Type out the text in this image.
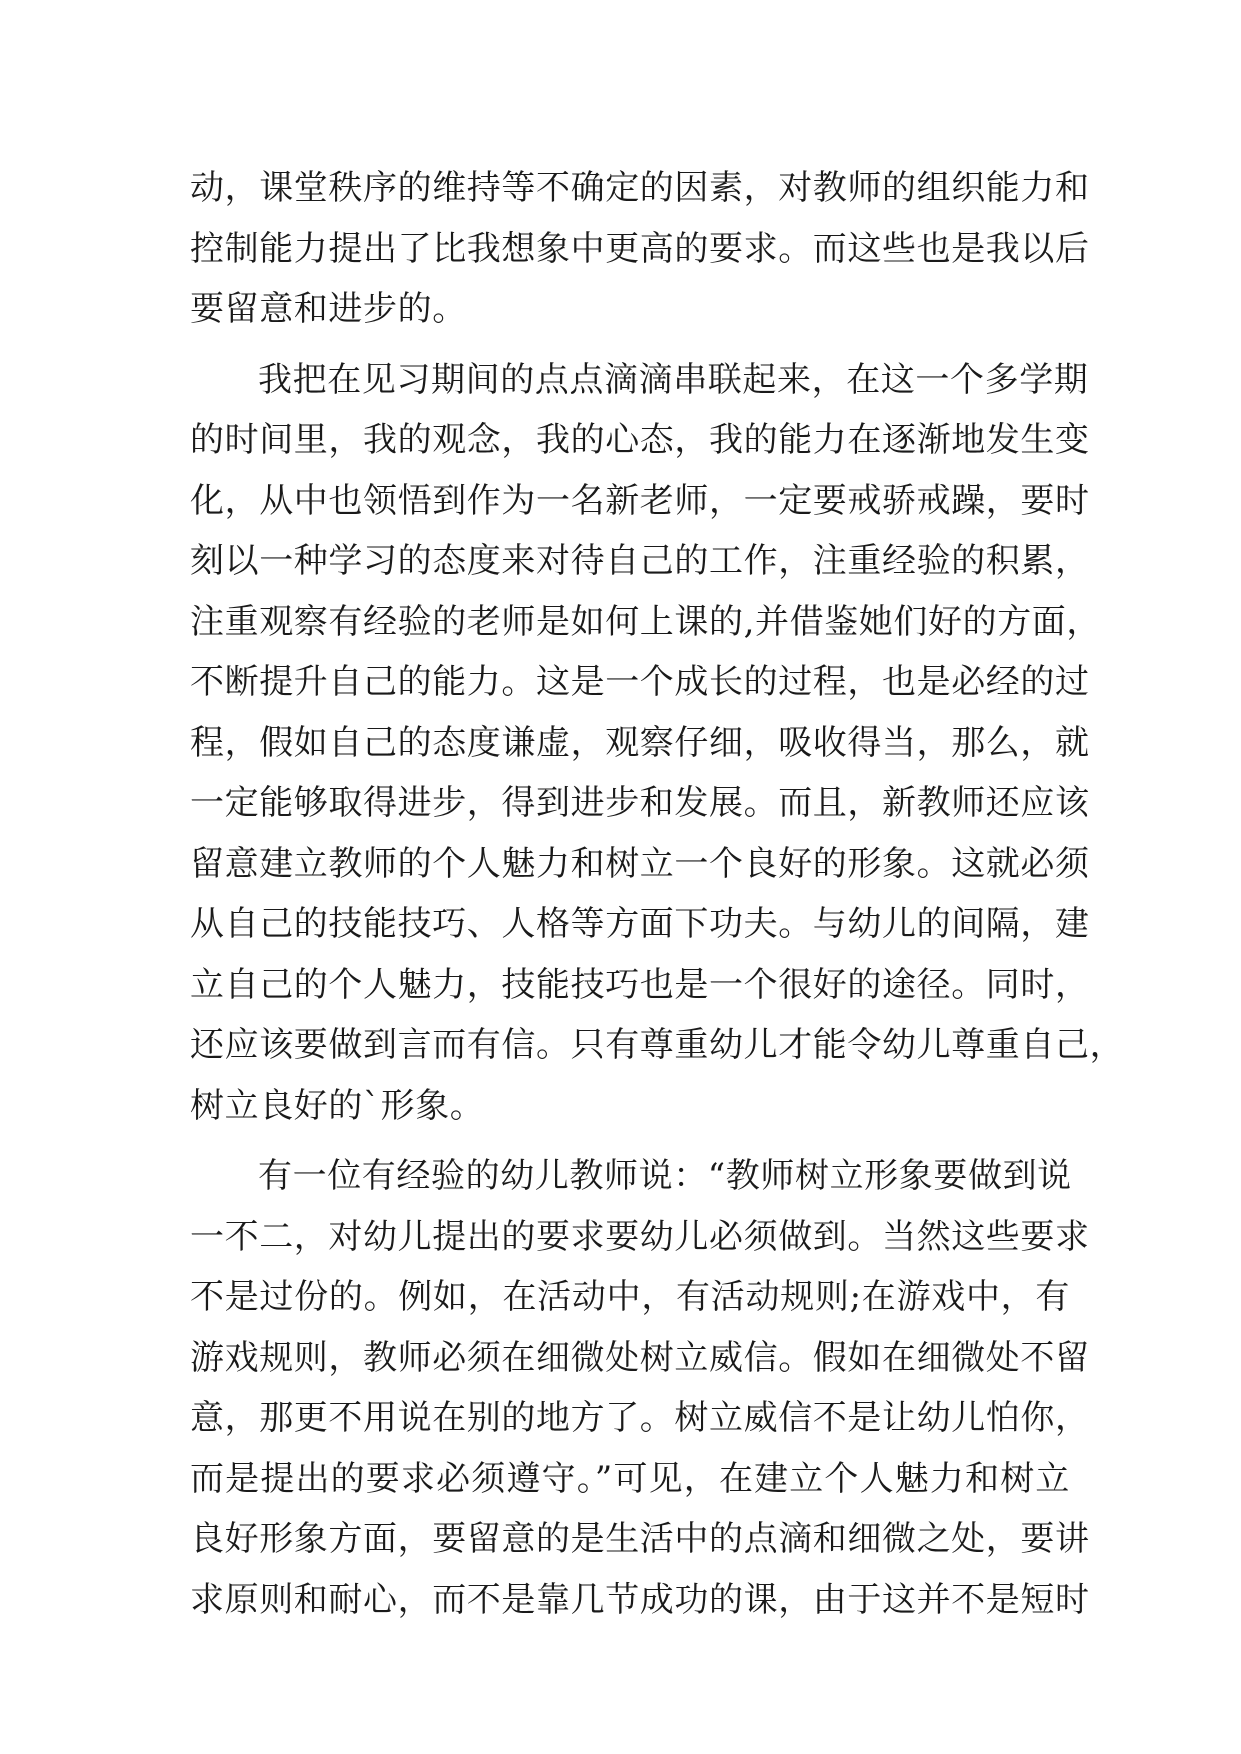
动，课堂秩序的维持等不确定的因素，对教师的组织能力和
控制能力提出了比我想象中更高的要求。而这些也是我以后
要留意和进步的。
我把在见习期间的点点滴滴串联起来，在这一个多学期
的时间里，我的观念，我的心态，我的能力在逐渐地发生变
化，从中也领悟到作为一名新老师，一定要戒骄戒躁，要时
刻以一种学习的态度来对待自己的工作，注重经验的积累，
注重观察有经验的老师是如何上课的,并借鉴她们好的方面，
不断提升自己的能力。这是一个成长的过程，也是必经的过
程，假如自己的态度谦虚，观察仔细，吸收得当，那么，就
一定能够取得进步，得到进步和发展。而且，新教师还应该
留意建立教师的个人魅力和树立一个良好的形象。这就必须
从自己的技能技巧、人格等方面下功夫。与幼儿的间隔，建
立自己的个人魅力，技能技巧也是一个很好的途径。同时，
还应该要做到言而有信。只有尊重幼儿才能令幼儿尊重自己，
树立良好的`形象。
有一位有经验的幼儿教师说：“教师树立形象要做到说
一不二，对幼儿提出的要求要幼儿必须做到。当然这些要求
不是过份的。例如，在活动中，有活动规则;在游戏中，有
游戏规则，教师必须在细微处树立威信。假如在细微处不留
意，那更不用说在别的地方了。树立威信不是让幼儿怕你，
而是提出的要求必须遵守。”可见，在建立个人魅力和树立
良好形象方面，要留意的是生活中的点滴和细微之处，要讲
求原则和耐心，而不是靠几节成功的课，由于这并不是短时
